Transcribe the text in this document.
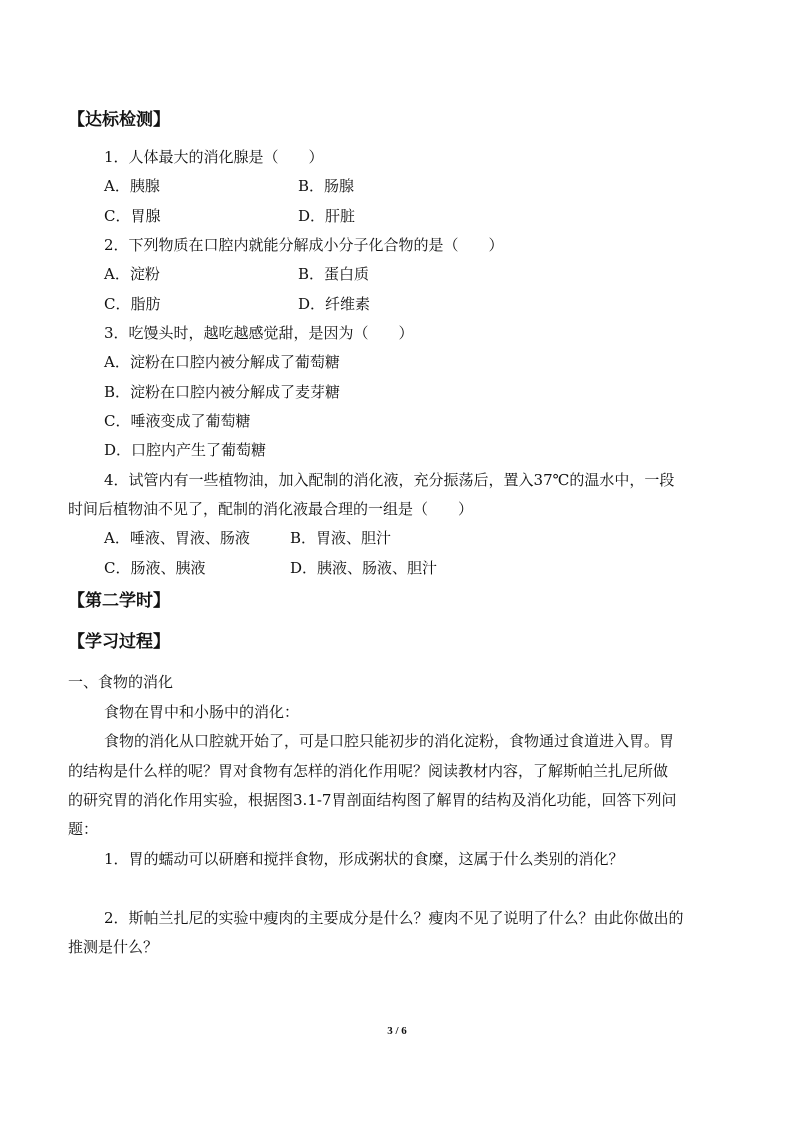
【达标检测】
1．人体最大的消化腺是（　　）
A．胰腺	B．肠腺
C．胃腺	D．肝脏
2．下列物质在口腔内就能分解成小分子化合物的是（　　）
A．淀粉	B．蛋白质
C．脂肪	D．纤维素
3．吃馒头时，越吃越感觉甜，是因为（　　）
A．淀粉在口腔内被分解成了葡萄糖
B．淀粉在口腔内被分解成了麦芽糖
C．唾液变成了葡萄糖
D．口腔内产生了葡萄糖
4．试管内有一些植物油，加入配制的消化液，充分振荡后，置入37℃的温水中，一段
时间后植物油不见了，配制的消化液最合理的一组是（　　）
A．唾液、胃液、肠液	B．胃液、胆汁
C．肠液、胰液	D．胰液、肠液、胆汁
【第二学时】
【学习过程】
一、食物的消化
食物在胃中和小肠中的消化：
食物的消化从口腔就开始了，可是口腔只能初步的消化淀粉，食物通过食道进入胃。胃
的结构是什么样的呢？胃对食物有怎样的消化作用呢？阅读教材内容，了解斯帕兰扎尼所做
的研究胃的消化作用实验，根据图3.1-7胃剖面结构图了解胃的结构及消化功能，回答下列问
题：
1．胃的蠕动可以研磨和搅拌食物，形成粥状的食糜，这属于什么类别的消化？
2．斯帕兰扎尼的实验中瘦肉的主要成分是什么？瘦肉不见了说明了什么？由此你做出的
推测是什么？
3 / 6
